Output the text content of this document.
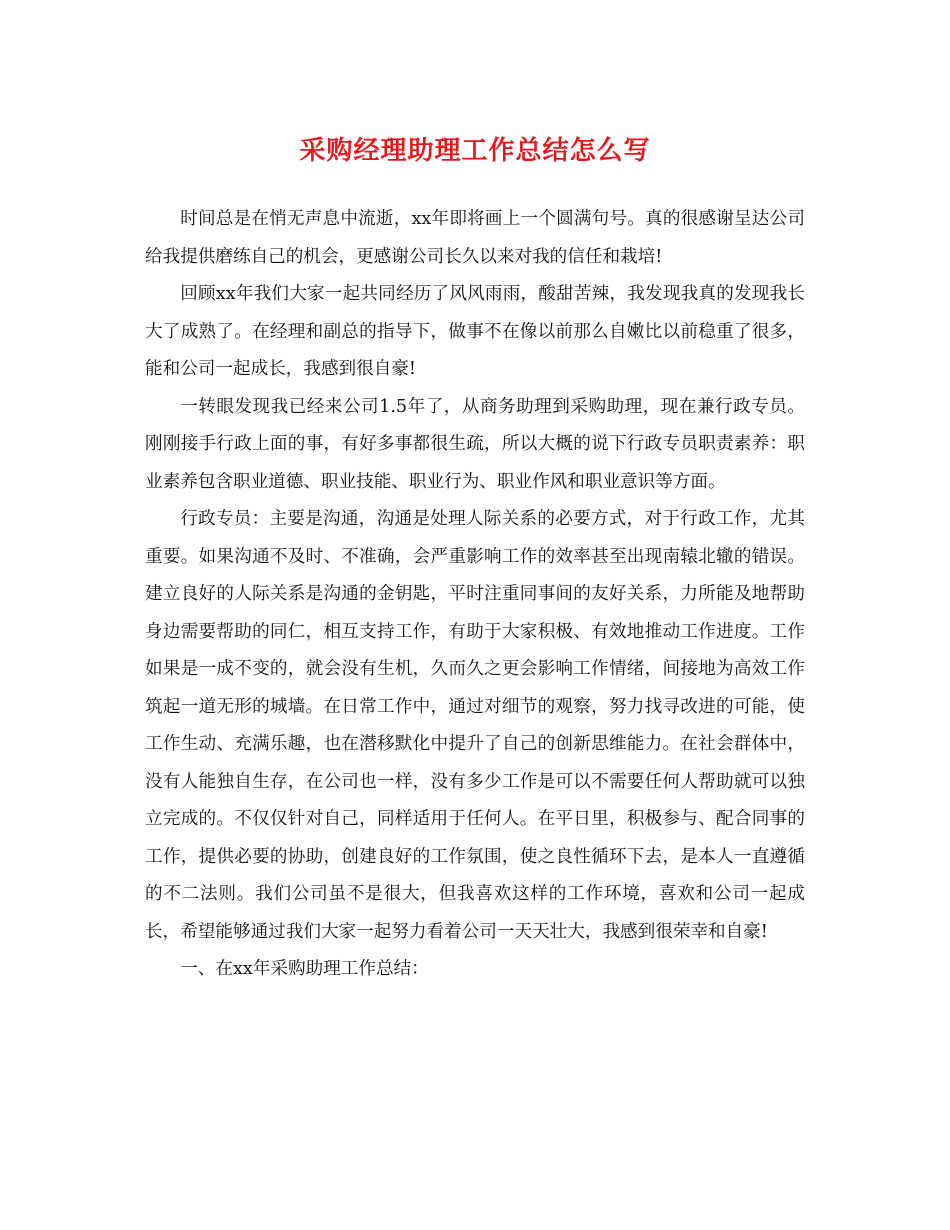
采购经理助理工作总结怎么写

时间总是在悄无声息中流逝，xx年即将画上一个圆满句号。真的很感谢呈达公司给我提供磨练自己的机会，更感谢公司长久以来对我的信任和栽培!

回顾xx年我们大家一起共同经历了风风雨雨，酸甜苦辣，我发现我真的发现我长大了成熟了。在经理和副总的指导下，做事不在像以前那么自嫩比以前稳重了很多，能和公司一起成长，我感到很自豪!

一转眼发现我已经来公司1.5年了，从商务助理到采购助理，现在兼行政专员。刚刚接手行政上面的事，有好多事都很生疏，所以大概的说下行政专员职责素养：职业素养包含职业道德、职业技能、职业行为、职业作风和职业意识等方面。

行政专员：主要是沟通，沟通是处理人际关系的必要方式，对于行政工作，尤其重要。如果沟通不及时、不准确，会严重影响工作的效率甚至出现南辕北辙的错误。建立良好的人际关系是沟通的金钥匙，平时注重同事间的友好关系，力所能及地帮助身边需要帮助的同仁，相互支持工作，有助于大家积极、有效地推动工作进度。工作如果是一成不变的，就会没有生机，久而久之更会影响工作情绪，间接地为高效工作筑起一道无形的城墙。在日常工作中，通过对细节的观察，努力找寻改进的可能，使工作生动、充满乐趣，也在潜移默化中提升了自己的创新思维能力。在社会群体中，没有人能独自生存，在公司也一样，没有多少工作是可以不需要任何人帮助就可以独立完成的。不仅仅针对自己，同样适用于任何人。在平日里，积极参与、配合同事的工作，提供必要的协助，创建良好的工作氛围，使之良性循环下去，是本人一直遵循的不二法则。我们公司虽不是很大，但我喜欢这样的工作环境，喜欢和公司一起成长，希望能够通过我们大家一起努力看着公司一天天壮大，我感到很荣幸和自豪!

一、在xx年采购助理工作总结：
